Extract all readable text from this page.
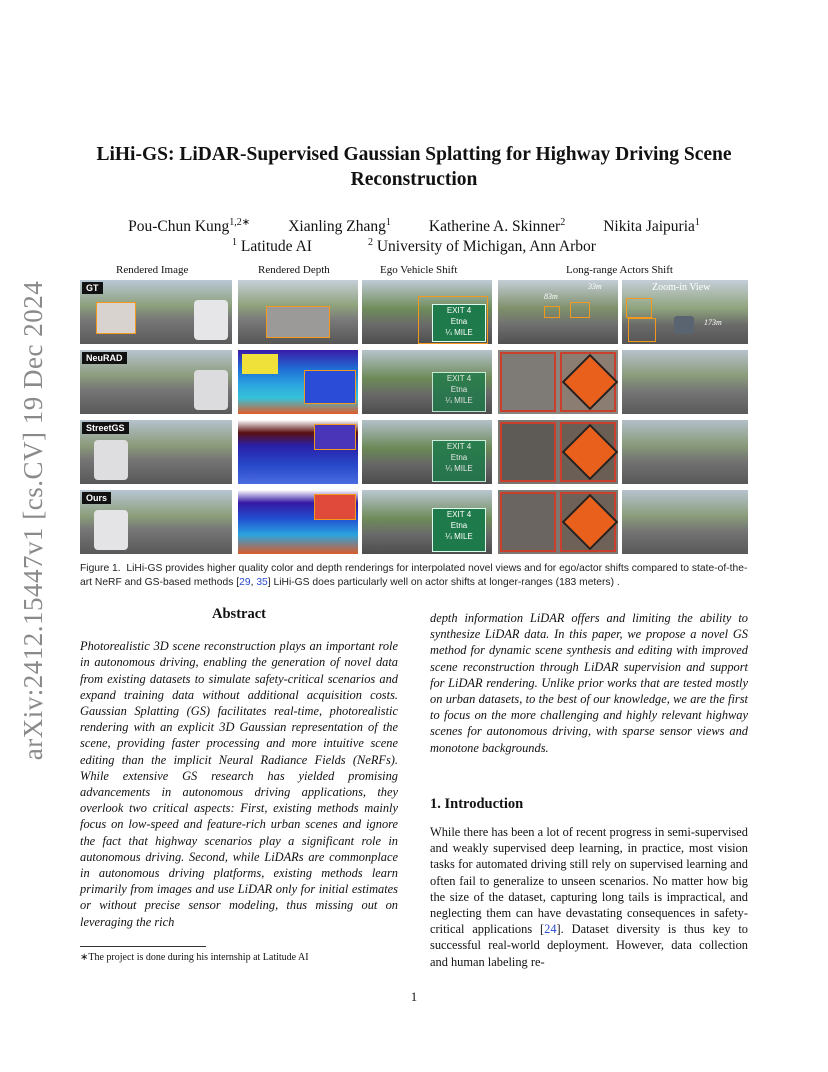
arXiv:2412.15447v1 [cs.CV] 19 Dec 2024
LiHi-GS: LiDAR-Supervised Gaussian Splatting for Highway Driving Scene Reconstruction
Pou-Chun Kung$^{1,2∗}$ Xianling Zhang$^1$ Katherine A. Skinner$^2$ Nikita Jaipuria$^1$
$^1$ Latitude AI	$^2$ University of Michigan, Ann Arbor
Rendered Image	Rendered Depth	Ego Vehicle Shift	Long-range Actors Shift
GT
EXIT 4
Etna
¼ MILE
83m
33m	Zoom-in View
173m
NeuRAD
EXIT 4
Etna
¼ MILE
StreetGS
EXIT 4
Etna
¼ MILE
Ours
EXIT 4
Etna
¼ MILE
Figure 1. LiHi-GS provides higher quality color and depth renderings for interpolated novel views and for ego/actor shifts compared to state-of-the-art NeRF and GS-based methods [29, 35] LiHi-GS does particularly well on actor shifts at longer-ranges (183 meters) .
Abstract
Photorealistic 3D scene reconstruction plays an important role in autonomous driving, enabling the generation of novel data from existing datasets to simulate safety-critical scenarios and expand training data without additional acquisition costs. Gaussian Splatting (GS) facilitates real-time, photorealistic rendering with an explicit 3D Gaussian representation of the scene, providing faster processing and more intuitive scene editing than the implicit Neural Radiance Fields (NeRFs). While extensive GS research has yielded promising advancements in autonomous driving applications, they overlook two critical aspects: First, existing methods mainly focus on low-speed and feature-rich urban scenes and ignore the fact that highway scenarios play a significant role in autonomous driving. Second, while LiDARs are commonplace in autonomous driving platforms, existing methods learn primarily from images and use LiDAR only for initial estimates or without precise sensor modeling, thus missing out on leveraging the rich
depth information LiDAR offers and limiting the ability to synthesize LiDAR data. In this paper, we propose a novel GS method for dynamic scene synthesis and editing with improved scene reconstruction through LiDAR supervision and support for LiDAR rendering. Unlike prior works that are tested mostly on urban datasets, to the best of our knowledge, we are the first to focus on the more challenging and highly relevant highway scenes for autonomous driving, with sparse sensor views and monotone backgrounds.
1. Introduction
While there has been a lot of recent progress in semi-supervised and weakly supervised deep learning, in practice, most vision tasks for automated driving still rely on supervised learning and often fail to generalize to unseen scenarios. No matter how big the size of the dataset, capturing long tails is impractical, and neglecting them can have devastating consequences in safety-critical applications [24]. Dataset diversity is thus key to successful real-world deployment. However, data collection and human labeling re-
∗The project is done during his internship at Latitude AI
1
